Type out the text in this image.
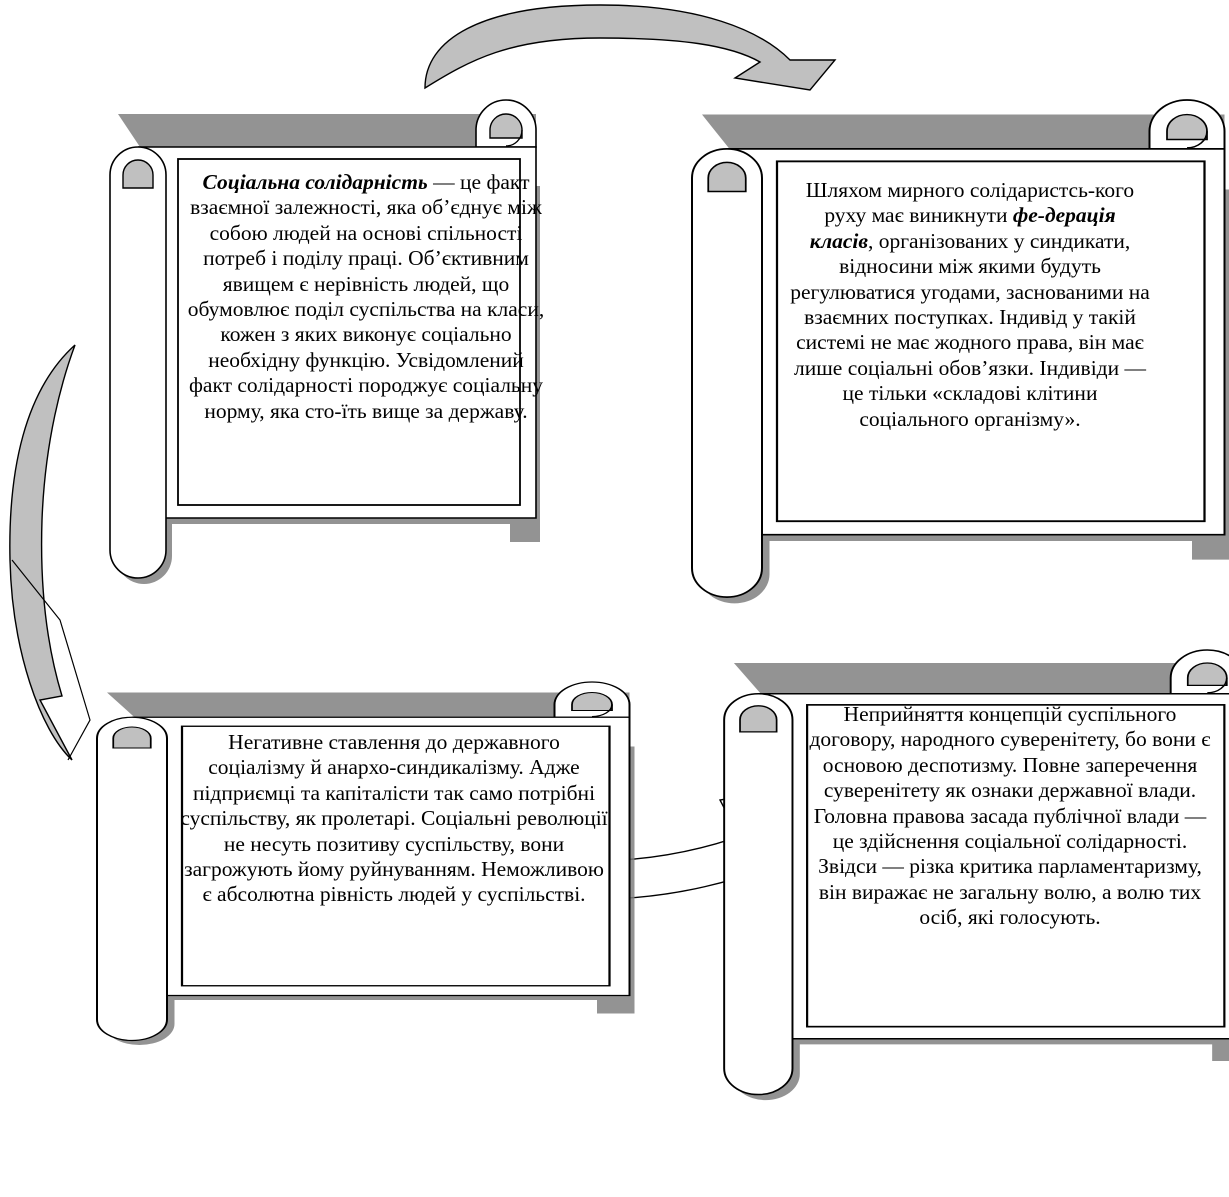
Соціальна солідарність — це факт взаємної залежності, яка об’єднує між собою людей на основі спільності потреб і поділу праці. Об’єктивним явищем є нерівність людей, що обумовлює поділ суспільства на класи, кожен з яких виконує соціально необхідну функцію. Усвідомлений факт солідарності породжує соціальну норму, яка сто-їть вище за державу.
Шляхом мирного солідаристсь-кого руху має виникнути фе-дерація класів, організованих у синдикати, відносини між якими будуть регулюватися угодами, заснованими на взаємних поступках. Індивід у такій системі не має жодного права, він має лише соціальні обов’язки. Індивіди — це тільки «складові клітини соціального організму».
Негативне ставлення до державного соціалізму й анархо-синдикалізму. Адже підприємці та капіталісти так само потрібні суспільству, як пролетарі. Соціальні революції не несуть позитиву суспільству, вони загрожують йому руйнуванням. Неможливою є абсолютна рівність людей у суспільстві.
Неприйняття концепцій суспільного договору, народного суверенітету, бо вони є основою деспотизму. Повне заперечення суверенітету як ознаки державної влади. Головна правова засада публічної влади — це здійснення соціальної солідарності. Звідси — різка критика парламентаризму, він виражає не загальну волю, а волю тих осіб, які голосують.
